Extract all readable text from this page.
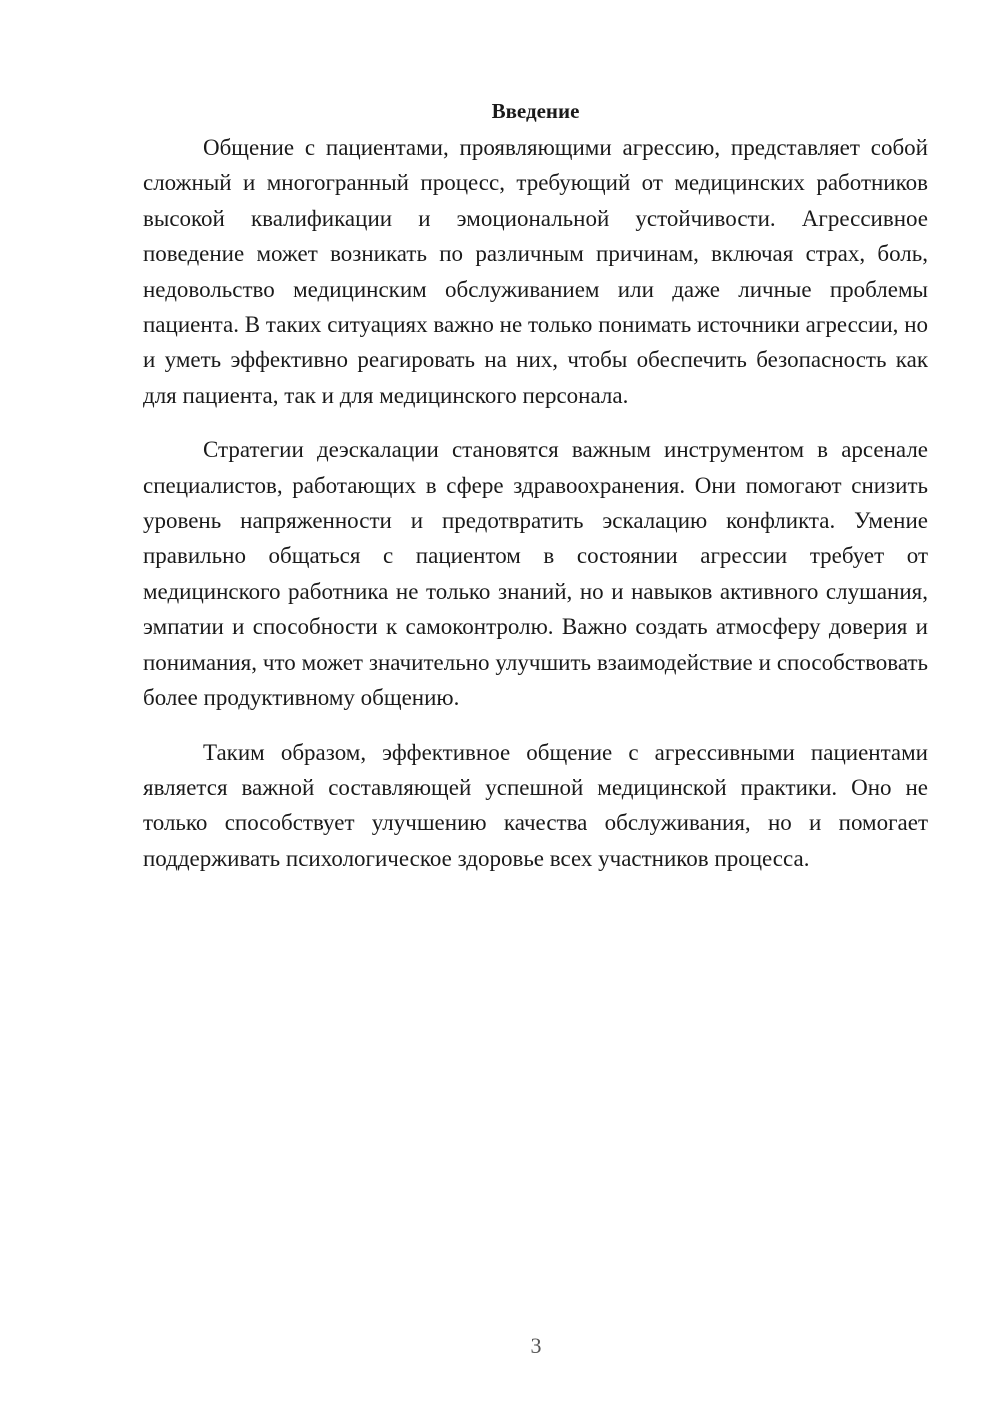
Введение

Общение с пациентами, проявляющими агрессию, представляет собой сложный и многогранный процесс, требующий от медицинских работников высокой квалификации и эмоциональной устойчивости. Агрессивное поведение может возникать по различным причинам, включая страх, боль, недовольство медицинским обслуживанием или даже личные проблемы пациента. В таких ситуациях важно не только понимать источники агрессии, но и уметь эффективно реагировать на них, чтобы обеспечить безопасность как для пациента, так и для медицинского персонала.

Стратегии деэскалации становятся важным инструментом в арсенале специалистов, работающих в сфере здравоохранения. Они помогают снизить уровень напряженности и предотвратить эскалацию конфликта. Умение правильно общаться с пациентом в состоянии агрессии требует от медицинского работника не только знаний, но и навыков активного слушания, эмпатии и способности к самоконтролю. Важно создать атмосферу доверия и понимания, что может значительно улучшить взаимодействие и способствовать более продуктивному общению.

Таким образом, эффективное общение с агрессивными пациентами является важной составляющей успешной медицинской практики. Оно не только способствует улучшению качества обслуживания, но и помогает поддерживать психологическое здоровье всех участников процесса.

3
